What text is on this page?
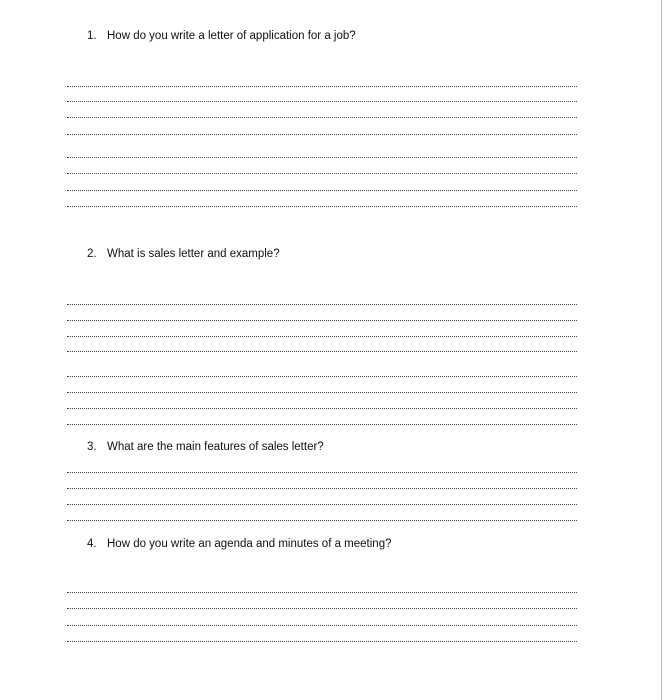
1. How do you write a letter of application for a job?
2. What is sales letter and example?
3. What are the main features of sales letter?
4. How do you write an agenda and minutes of a meeting?
